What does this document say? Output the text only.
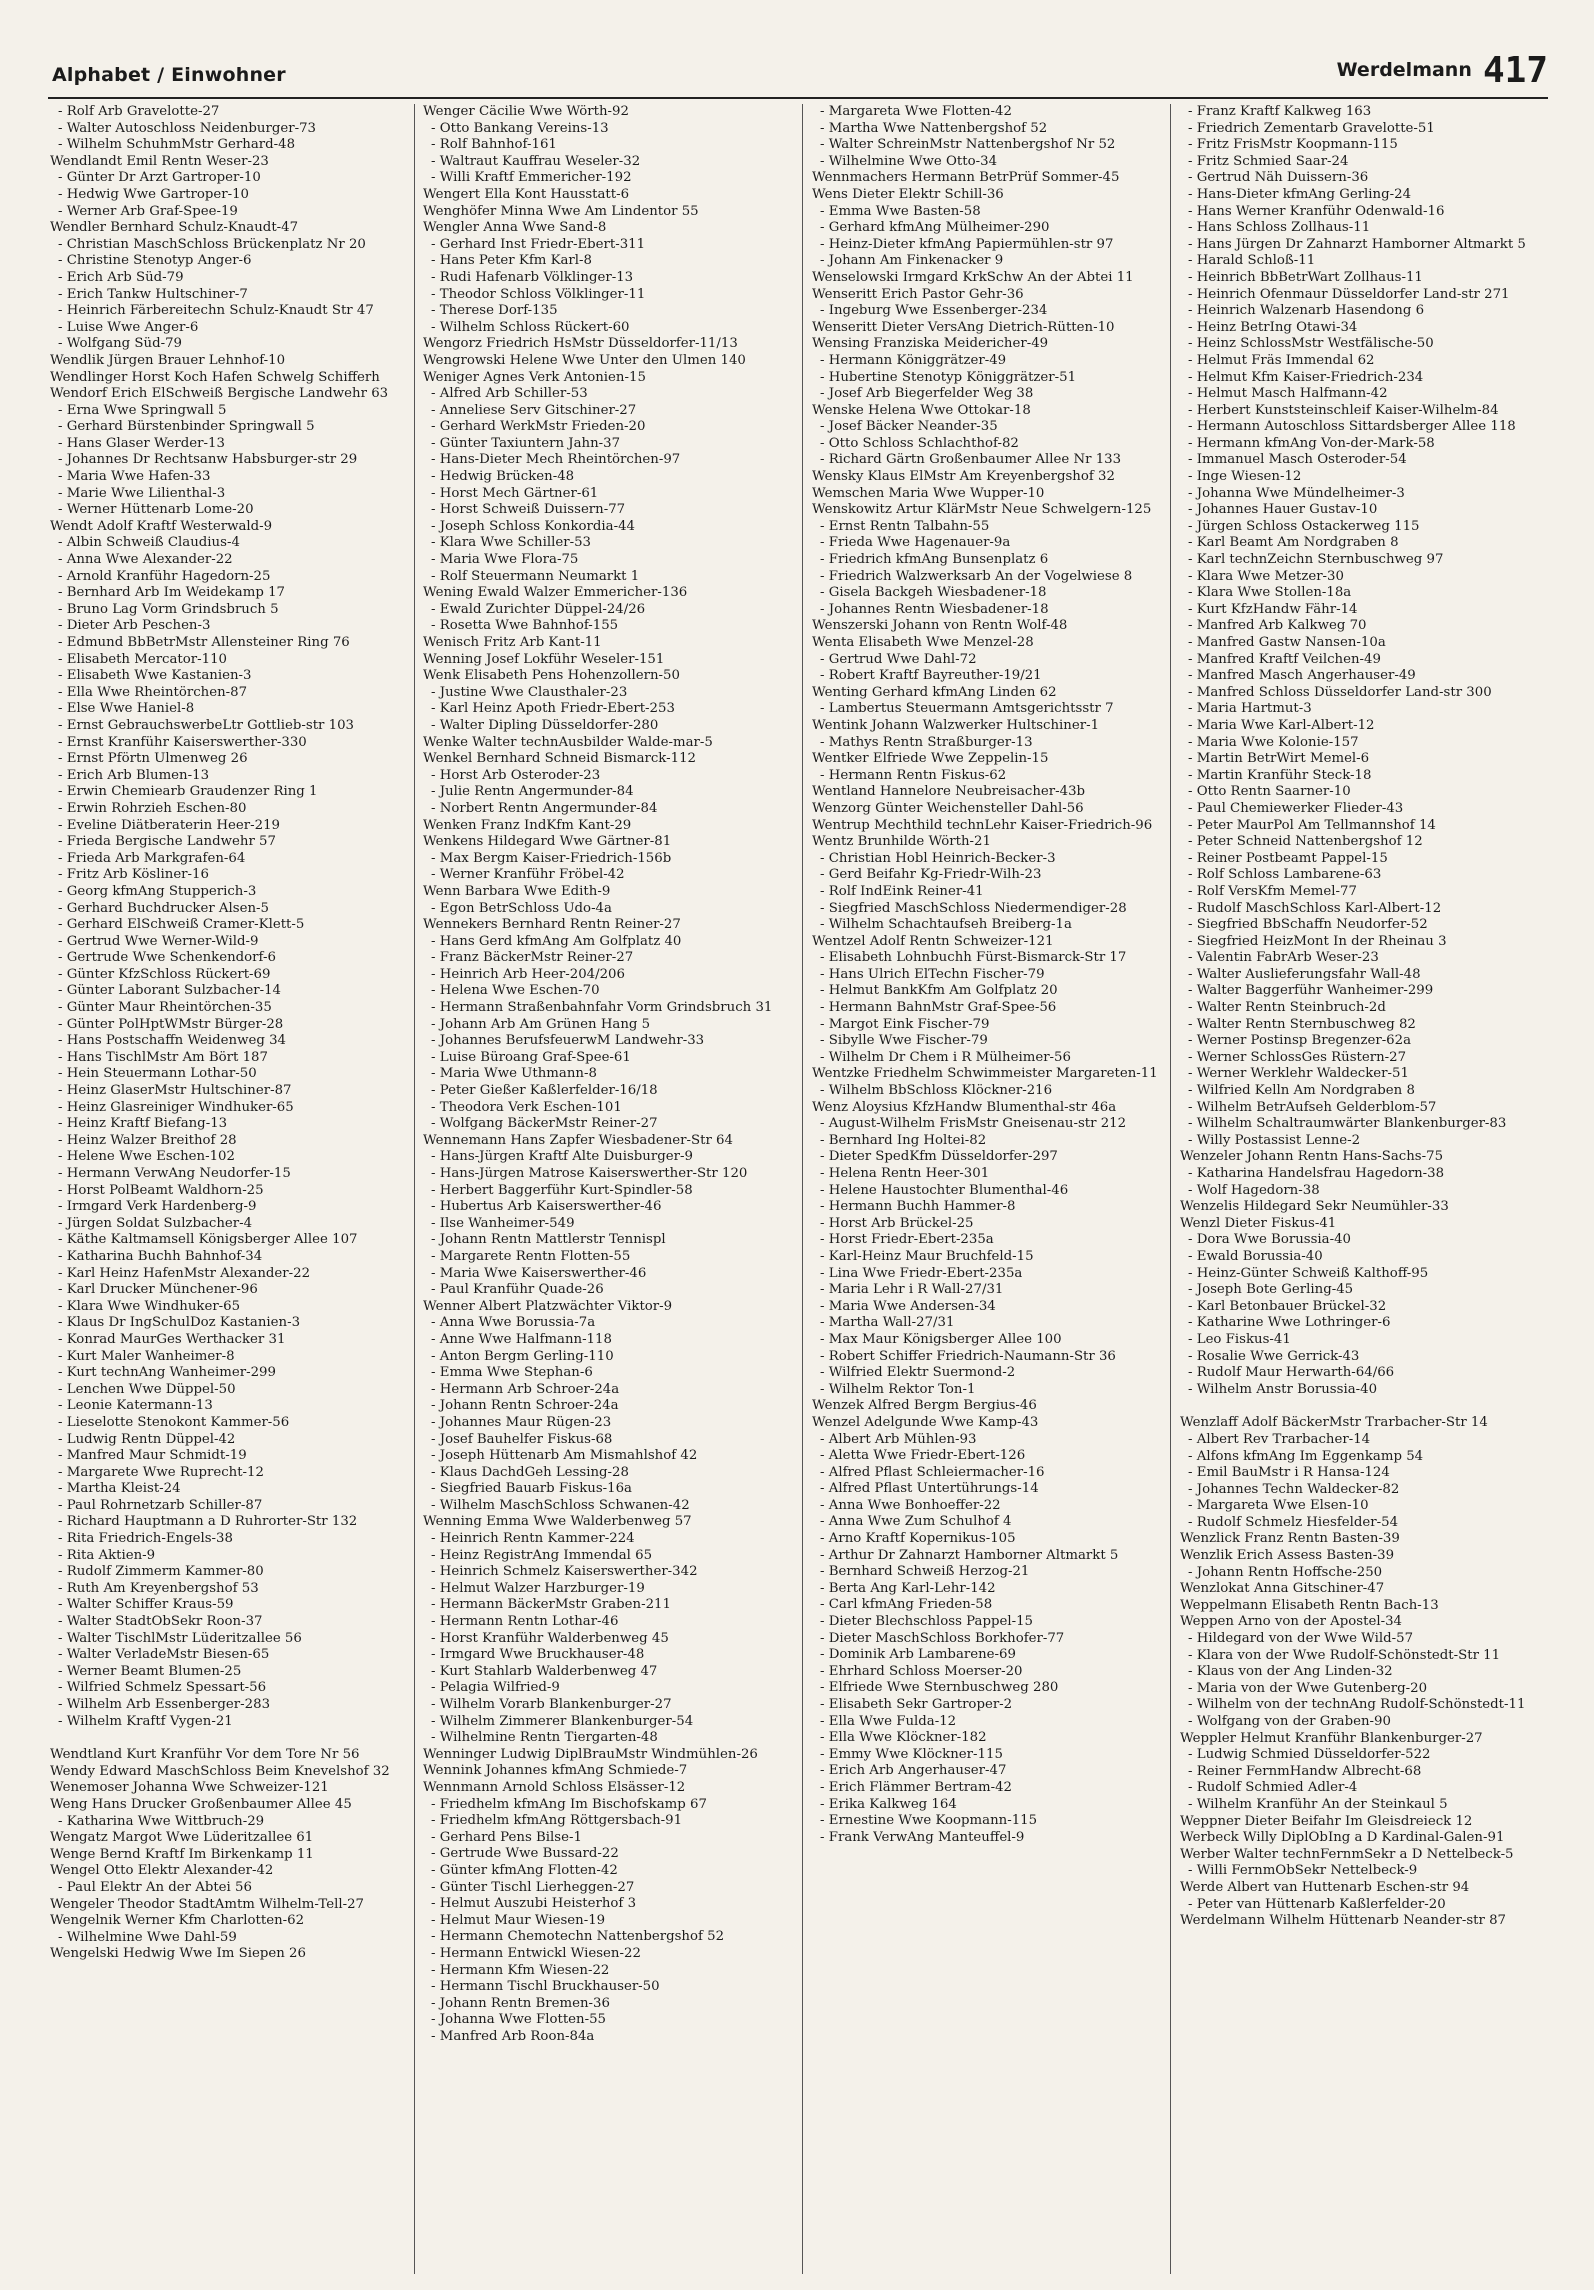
Alphabet / Einwohner	Werdelmann 417

- Rolf Arb Gravelotte-27

- Walter Autoschloss Neidenburger-73

- Wilhelm SchuhmMstr Gerhard-48

Wendlandt Emil Rentn Weser-23

- Günter Dr Arzt Gartroper-10

- Hedwig Wwe Gartroper-10

- Werner Arb Graf-Spee-19

Wendler Bernhard Schulz-Knaudt-47

- Christian MaschSchloss Brückenplatz Nr 20

- Christine Stenotyp Anger-6

- Erich Arb Süd-79

- Erich Tankw Hultschiner-7

- Heinrich Färbereitechn Schulz-Knaudt Str 47

- Luise Wwe Anger-6

- Wolfgang Süd-79

Wendlik Jürgen Brauer Lehnhof-10

Wendlinger Horst Koch Hafen Schwelg Schifferh

Wendorf Erich ElSchweiß Bergische Landwehr 63

- Erna Wwe Springwall 5

- Gerhard Bürstenbinder Springwall 5

- Hans Glaser Werder-13

- Johannes Dr Rechtsanw Habsburger-str 29

- Maria Wwe Hafen-33

- Marie Wwe Lilienthal-3

- Werner Hüttenarb Lome-20

Wendt Adolf Kraftf Westerwald-9

- Albin Schweiß Claudius-4

- Anna Wwe Alexander-22

- Arnold Kranführ Hagedorn-25

- Bernhard Arb Im Weidekamp 17

- Bruno Lag Vorm Grindsbruch 5

- Dieter Arb Peschen-3

- Edmund BbBetrMstr Allensteiner Ring 76

- Elisabeth Mercator-110

- Elisabeth Wwe Kastanien-3

- Ella Wwe Rheintörchen-87

- Else Wwe Haniel-8

- Ernst GebrauchswerbeLtr Gottlieb-str 103

- Ernst Kranführ Kaiserswerther-330

- Ernst Pförtn Ulmenweg 26

- Erich Arb Blumen-13

- Erwin Chemiearb Graudenzer Ring 1

- Erwin Rohrzieh Eschen-80

- Eveline Diätberaterin Heer-219

- Frieda Bergische Landwehr 57

- Frieda Arb Markgrafen-64

- Fritz Arb Kösliner-16

- Georg kfmAng Stupperich-3

- Gerhard Buchdrucker Alsen-5

- Gerhard ElSchweiß Cramer-Klett-5

- Gertrud Wwe Werner-Wild-9

- Gertrude Wwe Schenkendorf-6

- Günter KfzSchloss Rückert-69

- Günter Laborant Sulzbacher-14

- Günter Maur Rheintörchen-35

- Günter PolHptWMstr Bürger-28

- Hans Postschaffn Weidenweg 34

- Hans TischlMstr Am Bört 187

- Hein Steuermann Lothar-50

- Heinz GlaserMstr Hultschiner-87

- Heinz Glasreiniger Windhuker-65

- Heinz Kraftf Biefang-13

- Heinz Walzer Breithof 28

- Helene Wwe Eschen-102

- Hermann VerwAng Neudorfer-15

- Horst PolBeamt Waldhorn-25

- Irmgard Verk Hardenberg-9

- Jürgen Soldat Sulzbacher-4

- Käthe Kaltmamsell Königsberger Allee 107

- Katharina Buchh Bahnhof-34

- Karl Heinz HafenMstr Alexander-22

- Karl Drucker Münchener-96

- Klara Wwe Windhuker-65

- Klaus Dr IngSchulDoz Kastanien-3

- Konrad MaurGes Werthacker 31

- Kurt Maler Wanheimer-8

- Kurt technAng Wanheimer-299

- Lenchen Wwe Düppel-50

- Leonie Katermann-13

- Lieselotte Stenokont Kammer-56

- Ludwig Rentn Düppel-42

- Manfred Maur Schmidt-19

- Margarete Wwe Ruprecht-12

- Martha Kleist-24

- Paul Rohrnetzarb Schiller-87

- Richard Hauptmann a D Ruhrorter-Str 132

- Rita Friedrich-Engels-38

- Rita Aktien-9

- Rudolf Zimmerm Kammer-80

- Ruth Am Kreyenbergshof 53

- Walter Schiffer Kraus-59

- Walter StadtObSekr Roon-37

- Walter TischlMstr Lüderitzallee 56

- Walter VerladeMstr Biesen-65

- Werner Beamt Blumen-25

- Wilfried Schmelz Spessart-56

- Wilhelm Arb Essenberger-283

- Wilhelm Kraftf Vygen-21

Wendtland Kurt Kranführ Vor dem Tore Nr 56

Wendy Edward MaschSchloss Beim Knevelshof 32

Wenemoser Johanna Wwe Schweizer-121

Weng Hans Drucker Großenbaumer Allee 45

- Katharina Wwe Wittbruch-29

Wengatz Margot Wwe Lüderitzallee 61

Wenge Bernd Kraftf Im Birkenkamp 11

Wengel Otto Elektr Alexander-42

- Paul Elektr An der Abtei 56

Wengeler Theodor StadtAmtm Wilhelm-Tell-27

Wengelnik Werner Kfm Charlotten-62

- Wilhelmine Wwe Dahl-59

Wengelski Hedwig Wwe Im Siepen 26

Wenger Cäcilie Wwe Wörth-92

- Otto Bankang Vereins-13

- Rolf Bahnhof-161

- Waltraut Kauffrau Weseler-32

- Willi Kraftf Emmericher-192

Wengert Ella Kont Hausstatt-6

Wenghöfer Minna Wwe Am Lindentor 55

Wengler Anna Wwe Sand-8

- Gerhard Inst Friedr-Ebert-311

- Hans Peter Kfm Karl-8

- Rudi Hafenarb Völklinger-13

- Theodor Schloss Völklinger-11

- Therese Dorf-135

- Wilhelm Schloss Rückert-60

Wengorz Friedrich HsMstr Düsseldorfer-11/13

Wengrowski Helene Wwe Unter den Ulmen 140

Weniger Agnes Verk Antonien-15

- Alfred Arb Schiller-53

- Anneliese Serv Gitschiner-27

- Gerhard WerkMstr Frieden-20

- Günter Taxiuntern Jahn-37

- Hans-Dieter Mech Rheintörchen-97

- Hedwig Brücken-48

- Horst Mech Gärtner-61

- Horst Schweiß Duissern-77

- Joseph Schloss Konkordia-44

- Klara Wwe Schiller-53

- Maria Wwe Flora-75

- Rolf Steuermann Neumarkt 1

Wening Ewald Walzer Emmericher-136

- Ewald Zurichter Düppel-24/26

- Rosetta Wwe Bahnhof-155

Wenisch Fritz Arb Kant-11

Wenning Josef Lokführ Weseler-151

Wenk Elisabeth Pens Hohenzollern-50

- Justine Wwe Clausthaler-23

- Karl Heinz Apoth Friedr-Ebert-253

- Walter Dipling Düsseldorfer-280

Wenke Walter technAusbilder Walde-mar-5

Wenkel Bernhard Schneid Bismarck-112

- Horst Arb Osteroder-23

- Julie Rentn Angermunder-84

- Norbert Rentn Angermunder-84

Wenken Franz IndKfm Kant-29

Wenkens Hildegard Wwe Gärtner-81

- Max Bergm Kaiser-Friedrich-156b

- Werner Kranführ Fröbel-42

Wenn Barbara Wwe Edith-9

- Egon BetrSchloss Udo-4a

Wennekers Bernhard Rentn Reiner-27

- Hans Gerd kfmAng Am Golfplatz 40

- Franz BäckerMstr Reiner-27

- Heinrich Arb Heer-204/206

- Helena Wwe Eschen-70

- Hermann Straßenbahnfahr Vorm Grindsbruch 31

- Johann Arb Am Grünen Hang 5

- Johannes BerufsfeuerwM Landwehr-33

- Luise Büroang Graf-Spee-61

- Maria Wwe Uthmann-8

- Peter Gießer Kaßlerfelder-16/18

- Theodora Verk Eschen-101

- Wolfgang BäckerMstr Reiner-27

Wennemann Hans Zapfer Wiesbadener-Str 64

- Hans-Jürgen Kraftf Alte Duisburger-9

- Hans-Jürgen Matrose Kaiserswerther-Str 120

- Herbert Baggerführ Kurt-Spindler-58

- Hubertus Arb Kaiserswerther-46

- Ilse Wanheimer-549

- Johann Rentn Mattlerstr Tennispl

- Margarete Rentn Flotten-55

- Maria Wwe Kaiserswerther-46

- Paul Kranführ Quade-26

Wenner Albert Platzwächter Viktor-9

- Anna Wwe Borussia-7a

- Anne Wwe Halfmann-118

- Anton Bergm Gerling-110

- Emma Wwe Stephan-6

- Hermann Arb Schroer-24a

- Johann Rentn Schroer-24a

- Johannes Maur Rügen-23

- Josef Bauhelfer Fiskus-68

- Joseph Hüttenarb Am Mismahlshof 42

- Klaus DachdGeh Lessing-28

- Siegfried Bauarb Fiskus-16a

- Wilhelm MaschSchloss Schwanen-42

Wenning Emma Wwe Walderbenweg 57

- Heinrich Rentn Kammer-224

- Heinz RegistrAng Immendal 65

- Heinrich Schmelz Kaiserswerther-342

- Helmut Walzer Harzburger-19

- Hermann BäckerMstr Graben-211

- Hermann Rentn Lothar-46

- Horst Kranführ Walderbenweg 45

- Irmgard Wwe Bruckhauser-48

- Kurt Stahlarb Walderbenweg 47

- Pelagia Wilfried-9

- Wilhelm Vorarb Blankenburger-27

- Wilhelm Zimmerer Blankenburger-54

- Wilhelmine Rentn Tiergarten-48

Wenninger Ludwig DiplBrauMstr Windmühlen-26

Wennink Johannes kfmAng Schmiede-7

Wennmann Arnold Schloss Elsässer-12

- Friedhelm kfmAng Im Bischofskamp 67

- Friedhelm kfmAng Röttgersbach-91

- Gerhard Pens Bilse-1

- Gertrude Wwe Bussard-22

- Günter kfmAng Flotten-42

- Günter Tischl Lierheggen-27

- Helmut Auszubi Heisterhof 3

- Helmut Maur Wiesen-19

- Hermann Chemotechn Nattenbergshof 52

- Hermann Entwickl Wiesen-22

- Hermann Kfm Wiesen-22

- Hermann Tischl Bruckhauser-50

- Johann Rentn Bremen-36

- Johanna Wwe Flotten-55

- Manfred Arb Roon-84a

- Margareta Wwe Flotten-42

- Martha Wwe Nattenbergshof 52

- Walter SchreinMstr Nattenbergshof Nr 52

- Wilhelmine Wwe Otto-34

Wennmachers Hermann BetrPrüf Sommer-45

Wens Dieter Elektr Schill-36

- Emma Wwe Basten-58

- Gerhard kfmAng Mülheimer-290

- Heinz-Dieter kfmAng Papiermühlen-str 97

- Johann Am Finkenacker 9

Wenselowski Irmgard KrkSchw An der Abtei 11

Wenseritt Erich Pastor Gehr-36

- Ingeburg Wwe Essenberger-234

Wenseritt Dieter VersAng Dietrich-Rütten-10

Wensing Franziska Meidericher-49

- Hermann Königgrätzer-49

- Hubertine Stenotyp Königgrätzer-51

- Josef Arb Biegerfelder Weg 38

Wenske Helena Wwe Ottokar-18

- Josef Bäcker Neander-35

- Otto Schloss Schlachthof-82

- Richard Gärtn Großenbaumer Allee Nr 133

Wensky Klaus ElMstr Am Kreyenbergshof 32

Wemschen Maria Wwe Wupper-10

Wenskowitz Artur KlärMstr Neue Schwelgern-125

- Ernst Rentn Talbahn-55

- Frieda Wwe Hagenauer-9a

- Friedrich kfmAng Bunsenplatz 6

- Friedrich Walzwerksarb An der Vogelwiese 8

- Gisela Backgeh Wiesbadener-18

- Johannes Rentn Wiesbadener-18

Wenszerski Johann von Rentn Wolf-48

Wenta Elisabeth Wwe Menzel-28

- Gertrud Wwe Dahl-72

- Robert Kraftf Bayreuther-19/21

Wenting Gerhard kfmAng Linden 62

- Lambertus Steuermann Amtsgerichtsstr 7

Wentink Johann Walzwerker Hultschiner-1

- Mathys Rentn Straßburger-13

Wentker Elfriede Wwe Zeppelin-15

- Hermann Rentn Fiskus-62

Wentland Hannelore Neubreisacher-43b

Wenzorg Günter Weichensteller Dahl-56

Wentrup Mechthild technLehr Kaiser-Friedrich-96

Wentz Brunhilde Wörth-21

- Christian Hobl Heinrich-Becker-3

- Gerd Beifahr Kg-Friedr-Wilh-23

- Rolf IndEink Reiner-41

- Siegfried MaschSchloss Niedermendiger-28

- Wilhelm Schachtaufseh Breiberg-1a

Wentzel Adolf Rentn Schweizer-121

- Elisabeth Lohnbuchh Fürst-Bismarck-Str 17

- Hans Ulrich ElTechn Fischer-79

- Helmut BankKfm Am Golfplatz 20

- Hermann BahnMstr Graf-Spee-56

- Margot Eink Fischer-79

- Sibylle Wwe Fischer-79

- Wilhelm Dr Chem i R Mülheimer-56

Wentzke Friedhelm Schwimmeister Margareten-11

- Wilhelm BbSchloss Klöckner-216

Wenz Aloysius KfzHandw Blumenthal-str 46a

- August-Wilhelm FrisMstr Gneisenau-str 212

- Bernhard Ing Holtei-82

- Dieter SpedKfm Düsseldorfer-297

- Helena Rentn Heer-301

- Helene Haustochter Blumenthal-46

- Hermann Buchh Hammer-8

- Horst Arb Brückel-25

- Horst Friedr-Ebert-235a

- Karl-Heinz Maur Bruchfeld-15

- Lina Wwe Friedr-Ebert-235a

- Maria Lehr i R Wall-27/31

- Maria Wwe Andersen-34

- Martha Wall-27/31

- Max Maur Königsberger Allee 100

- Robert Schiffer Friedrich-Naumann-Str 36

- Wilfried Elektr Suermond-2

- Wilhelm Rektor Ton-1

Wenzek Alfred Bergm Bergius-46

Wenzel Adelgunde Wwe Kamp-43

- Albert Arb Mühlen-93

- Aletta Wwe Friedr-Ebert-126

- Alfred Pflast Schleiermacher-16

- Alfred Pflast Untertührungs-14

- Anna Wwe Bonhoeffer-22

- Anna Wwe Zum Schulhof 4

- Arno Kraftf Kopernikus-105

- Arthur Dr Zahnarzt Hamborner Altmarkt 5

- Bernhard Schweiß Herzog-21

- Berta Ang Karl-Lehr-142

- Carl kfmAng Frieden-58

- Dieter Blechschloss Pappel-15

- Dieter MaschSchloss Borkhofer-77

- Dominik Arb Lambarene-69

- Ehrhard Schloss Moerser-20

- Elfriede Wwe Sternbuschweg 280

- Elisabeth Sekr Gartroper-2

- Ella Wwe Fulda-12

- Ella Wwe Klöckner-182

- Emmy Wwe Klöckner-115

- Erich Arb Angerhauser-47

- Erich Flämmer Bertram-42

- Erika Kalkweg 164

- Ernestine Wwe Koopmann-115

- Frank VerwAng Manteuffel-9

- Franz Kraftf Kalkweg 163

- Friedrich Zementarb Gravelotte-51

- Fritz FrisMstr Koopmann-115

- Fritz Schmied Saar-24

- Gertrud Näh Duissern-36

- Hans-Dieter kfmAng Gerling-24

- Hans Werner Kranführ Odenwald-16

- Hans Schloss Zollhaus-11

- Hans Jürgen Dr Zahnarzt Hamborner Altmarkt 5

- Harald Schloß-11

- Heinrich BbBetrWart Zollhaus-11

- Heinrich Ofenmaur Düsseldorfer Land-str 271

- Heinrich Walzenarb Hasendong 6

- Heinz BetrIng Otawi-34

- Heinz SchlossMstr Westfälische-50

- Helmut Fräs Immendal 62

- Helmut Kfm Kaiser-Friedrich-234

- Helmut Masch Halfmann-42

- Herbert Kunststeinschleif Kaiser-Wilhelm-84

- Hermann Autoschloss Sittardsberger Allee 118

- Hermann kfmAng Von-der-Mark-58

- Immanuel Masch Osteroder-54

- Inge Wiesen-12

- Johanna Wwe Mündelheimer-3

- Johannes Hauer Gustav-10

- Jürgen Schloss Ostackerweg 115

- Karl Beamt Am Nordgraben 8

- Karl technZeichn Sternbuschweg 97

- Klara Wwe Metzer-30

- Klara Wwe Stollen-18a

- Kurt KfzHandw Fähr-14

- Manfred Arb Kalkweg 70

- Manfred Gastw Nansen-10a

- Manfred Kraftf Veilchen-49

- Manfred Masch Angerhauser-49

- Manfred Schloss Düsseldorfer Land-str 300

- Maria Hartmut-3

- Maria Wwe Karl-Albert-12

- Maria Wwe Kolonie-157

- Martin BetrWirt Memel-6

- Martin Kranführ Steck-18

- Otto Rentn Saarner-10

- Paul Chemiewerker Flieder-43

- Peter MaurPol Am Tellmannshof 14

- Peter Schneid Nattenbergshof 12

- Reiner Postbeamt Pappel-15

- Rolf Schloss Lambarene-63

- Rolf VersKfm Memel-77

- Rudolf MaschSchloss Karl-Albert-12

- Siegfried BbSchaffn Neudorfer-52

- Siegfried HeizMont In der Rheinau 3

- Valentin FabrArb Weser-23

- Walter Auslieferungsfahr Wall-48

- Walter Baggerführ Wanheimer-299

- Walter Rentn Steinbruch-2d

- Walter Rentn Sternbuschweg 82

- Werner Postinsp Bregenzer-62a

- Werner SchlossGes Rüstern-27

- Werner Werklehr Waldecker-51

- Wilfried Kelln Am Nordgraben 8

- Wilhelm BetrAufseh Gelderblom-57

- Wilhelm Schaltraumwärter Blankenburger-83

- Willy Postassist Lenne-2

Wenzeler Johann Rentn Hans-Sachs-75

- Katharina Handelsfrau Hagedorn-38

- Wolf Hagedorn-38

Wenzelis Hildegard Sekr Neumühler-33

Wenzl Dieter Fiskus-41

- Dora Wwe Borussia-40

- Ewald Borussia-40

- Heinz-Günter Schweiß Kalthoff-95

- Joseph Bote Gerling-45

- Karl Betonbauer Brückel-32

- Katharine Wwe Lothringer-6

- Leo Fiskus-41

- Rosalie Wwe Gerrick-43

- Rudolf Maur Herwarth-64/66

- Wilhelm Anstr Borussia-40

Wenzlaff Adolf BäckerMstr Trarbacher-Str 14

- Albert Rev Trarbacher-14

- Alfons kfmAng Im Eggenkamp 54

- Emil BauMstr i R Hansa-124

- Johannes Techn Waldecker-82

- Margareta Wwe Elsen-10

- Rudolf Schmelz Hiesfelder-54

Wenzlick Franz Rentn Basten-39

Wenzlik Erich Assess Basten-39

- Johann Rentn Hoffsche-250

Wenzlokat Anna Gitschiner-47

Weppelmann Elisabeth Rentn Bach-13

Weppen Arno von der Apostel-34

- Hildegard von der Wwe Wild-57

- Klara von der Wwe Rudolf-Schönstedt-Str 11

- Klaus von der Ang Linden-32

- Maria von der Wwe Gutenberg-20

- Wilhelm von der technAng Rudolf-Schönstedt-11

- Wolfgang von der Graben-90

Weppler Helmut Kranführ Blankenburger-27

- Ludwig Schmied Düsseldorfer-522

- Reiner FernmHandw Albrecht-68

- Rudolf Schmied Adler-4

- Wilhelm Kranführ An der Steinkaul 5

Weppner Dieter Beifahr Im Gleisdreieck 12

Werbeck Willy DiplObIng a D Kardinal-Galen-91

Werber Walter technFernmSekr a D Nettelbeck-5

- Willi FernmObSekr Nettelbeck-9

Werde Albert van Huttenarb Eschen-str 94

- Peter van Hüttenarb Kaßlerfelder-20

Werdelmann Wilhelm Hüttenarb Neander-str 87
